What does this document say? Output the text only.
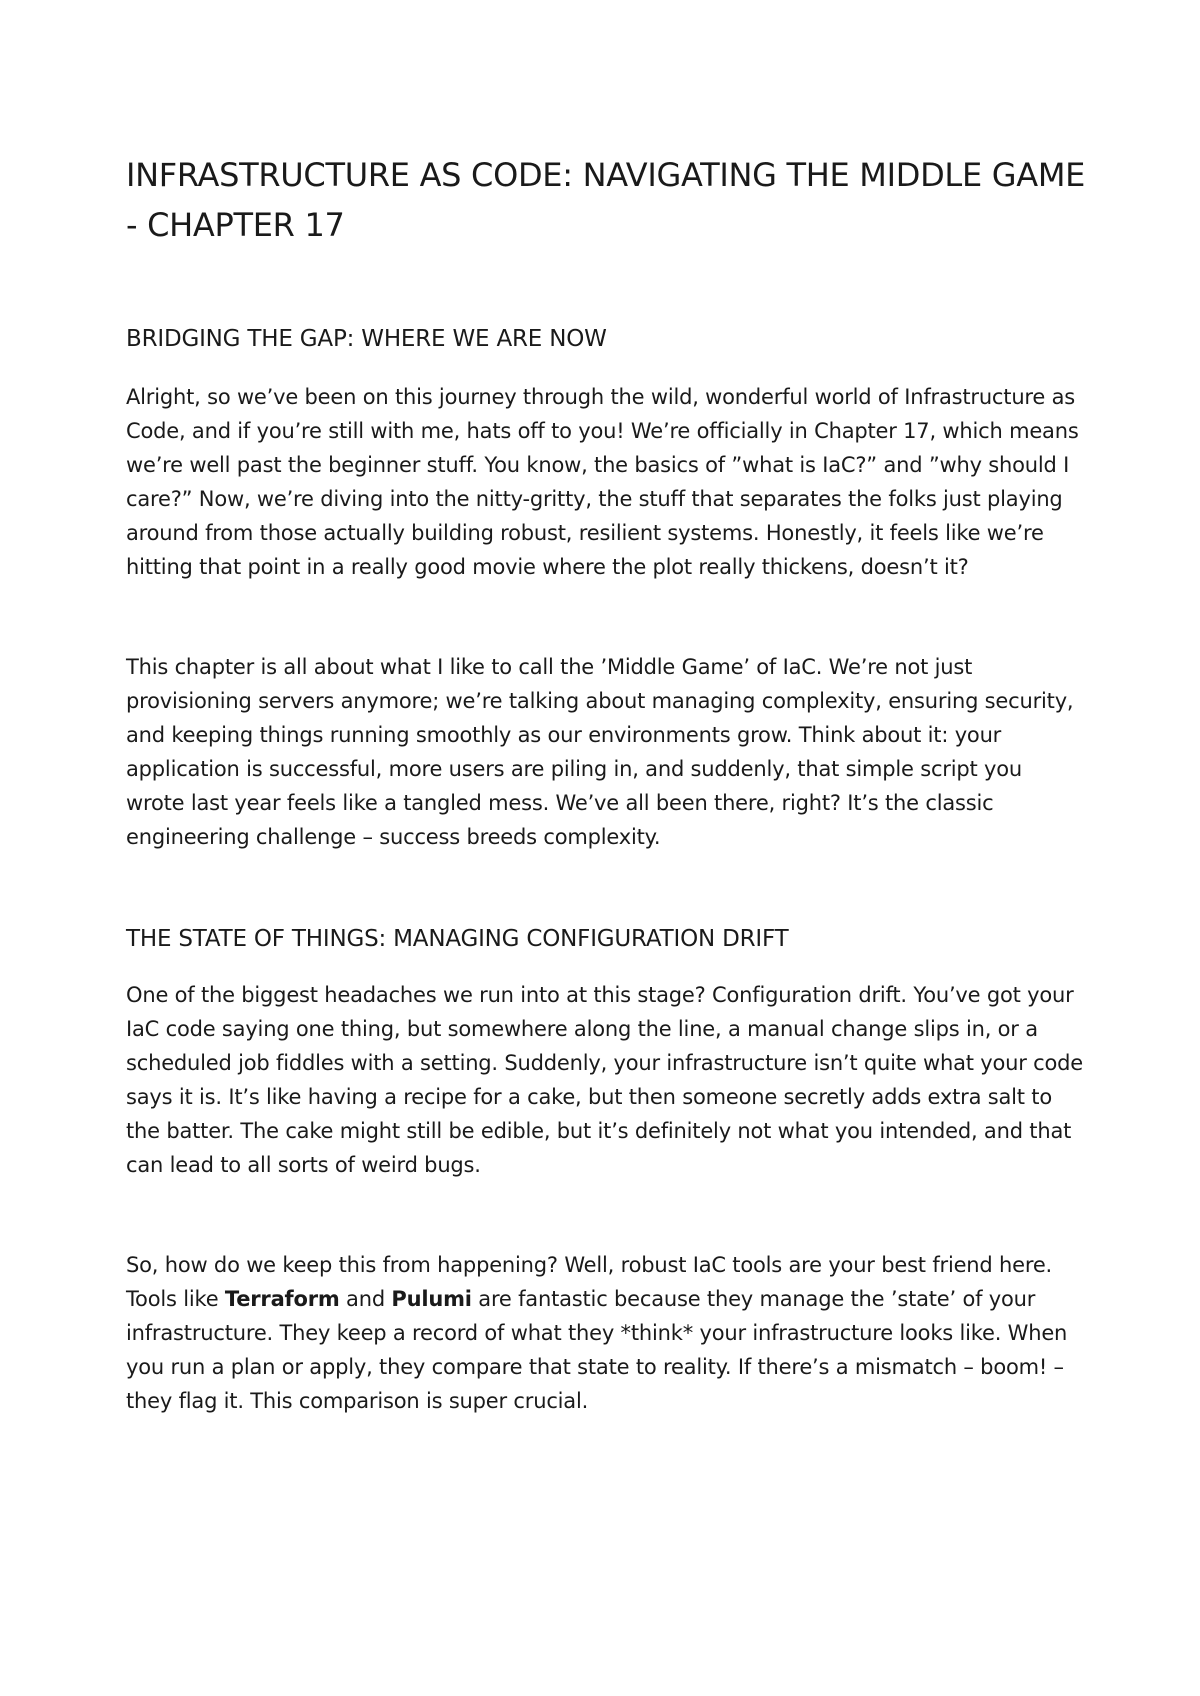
INFRASTRUCTURE AS CODE: NAVIGATING THE MIDDLE GAME - CHAPTER 17
BRIDGING THE GAP: WHERE WE ARE NOW

Alright, so we’ve been on this journey through the wild, wonderful world of Infrastructure as Code, and if you’re still with me, hats off to you! We’re officially in Chapter 17, which means we’re well past the beginner stuff. You know, the basics of ”what is IaC?” and ”why should I care?” Now, we’re diving into the nitty-gritty, the stuff that separates the folks just playing around from those actually building robust, resilient systems. Honestly, it feels like we’re hitting that point in a really good movie where the plot really thickens, doesn’t it?

This chapter is all about what I like to call the ’Middle Game’ of IaC. We’re not just provisioning servers anymore; we’re talking about managing complexity, ensuring security, and keeping things running smoothly as our environments grow. Think about it: your application is successful, more users are piling in, and suddenly, that simple script you wrote last year feels like a tangled mess. We’ve all been there, right? It’s the classic engineering challenge – success breeds complexity.

THE STATE OF THINGS: MANAGING CONFIGURATION DRIFT

One of the biggest headaches we run into at this stage? Configuration drift. You’ve got your IaC code saying one thing, but somewhere along the line, a manual change slips in, or a scheduled job fiddles with a setting. Suddenly, your infrastructure isn’t quite what your code says it is. It’s like having a recipe for a cake, but then someone secretly adds extra salt to the batter. The cake might still be edible, but it’s definitely not what you intended, and that can lead to all sorts of weird bugs.

So, how do we keep this from happening? Well, robust IaC tools are your best friend here. Tools like Terraform and Pulumi are fantastic because they manage the ’state’ of your infrastructure. They keep a record of what they *think* your infrastructure looks like. When you run a plan or apply, they compare that state to reality. If there’s a mismatch – boom! – they flag it. This comparison is super crucial.
